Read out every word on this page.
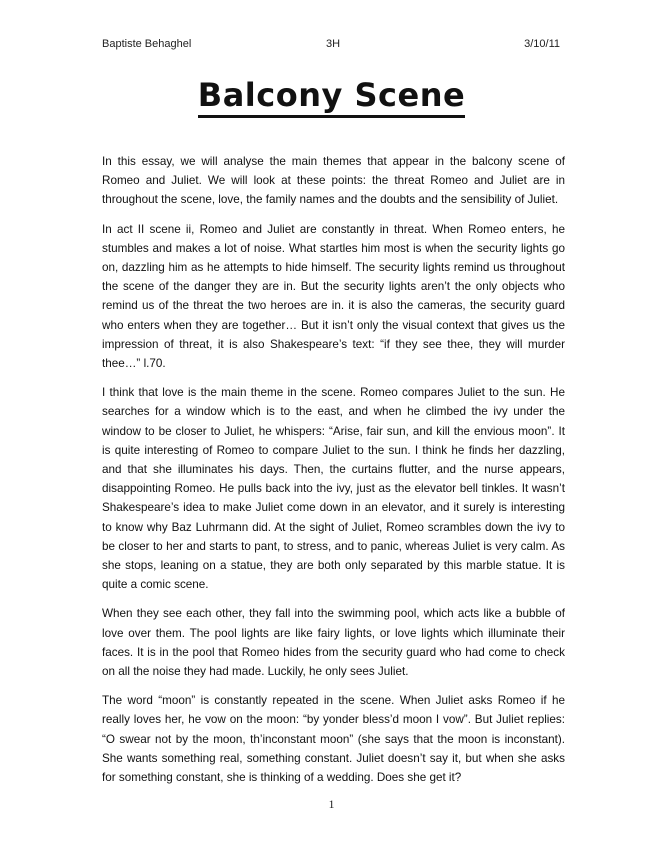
Baptiste Behaghel	3H	3/10/11
Balcony Scene

In this essay, we will analyse the main themes that appear in the balcony scene of Romeo and Juliet. We will look at these points: the threat Romeo and Juliet are in throughout the scene, love, the family names and the doubts and the sensibility of Juliet.

In act II scene ii, Romeo and Juliet are constantly in threat. When Romeo enters, he stumbles and makes a lot of noise. What startles him most is when the security lights go on, dazzling him as he attempts to hide himself. The security lights remind us throughout the scene of the danger they are in. But the security lights aren’t the only objects who remind us of the threat the two heroes are in. it is also the cameras, the security guard who enters when they are together… But it isn’t only the visual context that gives us the impression of threat, it is also Shakespeare’s text: “if they see thee, they will murder thee…” l.70.

I think that love is the main theme in the scene. Romeo compares Juliet to the sun. He searches for a window which is to the east, and when he climbed the ivy under the window to be closer to Juliet, he whispers: “Arise, fair sun, and kill the envious moon”. It is quite interesting of Romeo to compare Juliet to the sun. I think he finds her dazzling, and that she illuminates his days. Then, the curtains flutter, and the nurse appears, disappointing Romeo. He pulls back into the ivy, just as the elevator bell tinkles. It wasn’t Shakespeare’s idea to make Juliet come down in an elevator, and it surely is interesting to know why Baz Luhrmann did. At the sight of Juliet, Romeo scrambles down the ivy to be closer to her and starts to pant, to stress, and to panic, whereas Juliet is very calm. As she stops, leaning on a statue, they are both only separated by this marble statue. It is quite a comic scene.

When they see each other, they fall into the swimming pool, which acts like a bubble of love over them. The pool lights are like fairy lights, or love lights which illuminate their faces. It is in the pool that Romeo hides from the security guard who had come to check on all the noise they had made. Luckily, he only sees Juliet.

The word “moon” is constantly repeated in the scene. When Juliet asks Romeo if he really loves her, he vow on the moon: “by yonder bless’d moon I vow”. But Juliet replies: “O swear not by the moon, th’inconstant moon” (she says that the moon is inconstant). She wants something real, something constant. Juliet doesn’t say it, but when she asks for something constant, she is thinking of a wedding. Does she get it?

1
